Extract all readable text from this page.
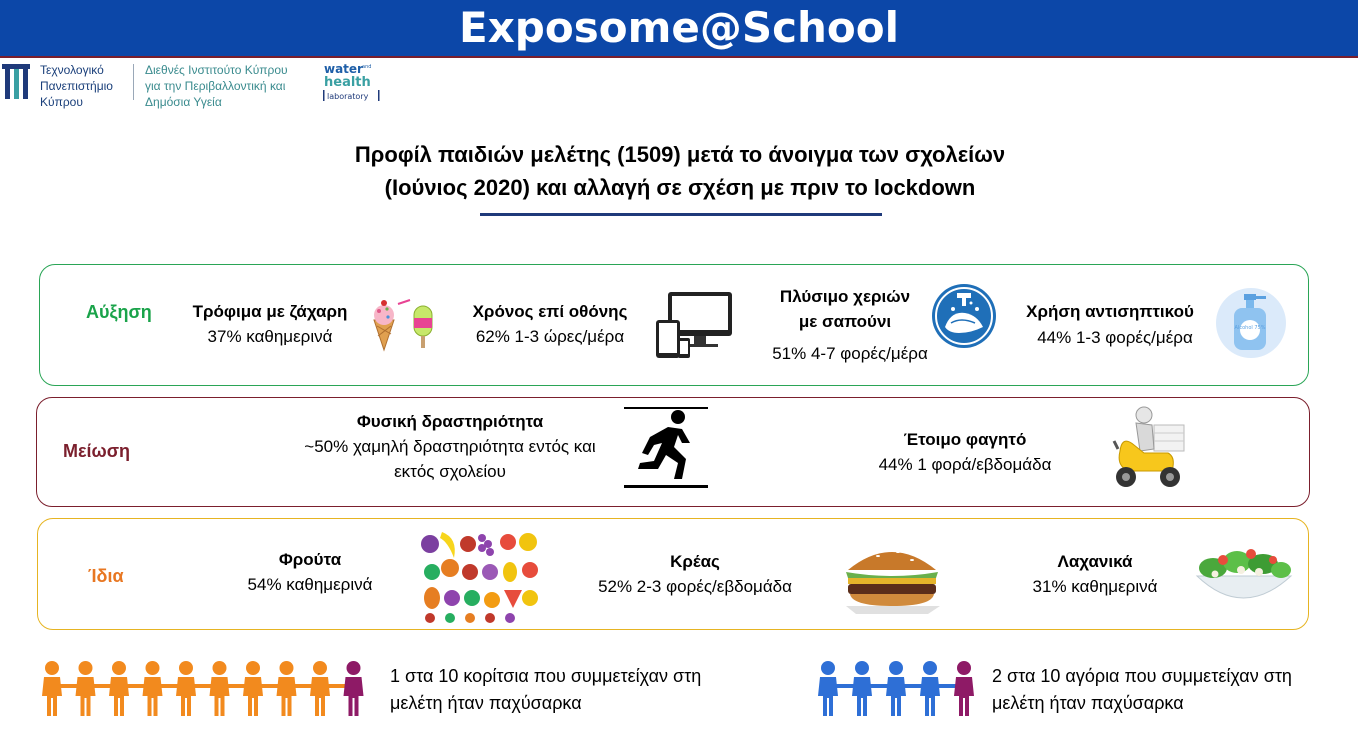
Exposome@School
Τεχνολογικό
Πανεπιστήμιο
Κύπρου
Διεθνές Ινστιτούτο Κύπρου
για την Περιβαλλοντική και
Δημόσια Υγεία
water and
health
laboratory
Προφίλ παιδιών μελέτης (1509) μετά το άνοιγμα των σχολείων
(Ιούνιος 2020) και αλλαγή σε σχέση με πριν το lockdown
Αύξηση	Τρόφιμα με ζάχαρη
37% καθημερινά
Χρόνος επί οθόνης
62% 1-3 ώρες/μέρα
Πλύσιμο χεριών
με σαπούνι
51% 4-7 φορές/μέρα
Χρήση αντισηπτικού
44% 1-3 φορές/μέρα	Alcohol 75%
Μείωση
Φυσική δραστηριότητα
~50% χαμηλή δραστηριότητα εντός και
εκτός σχολείου
Έτοιμο φαγητό
44% 1 φορά/εβδομάδα
Ίδια
Φρούτα
54% καθημερινά
Κρέας
52% 2-3 φορές/εβδομάδα
Λαχανικά
31% καθημερινά
1 στα 10 κορίτσια που συμμετείχαν στη
μελέτη ήταν παχύσαρκα
2 στα 10 αγόρια που συμμετείχαν στη
μελέτη ήταν παχύσαρκα
